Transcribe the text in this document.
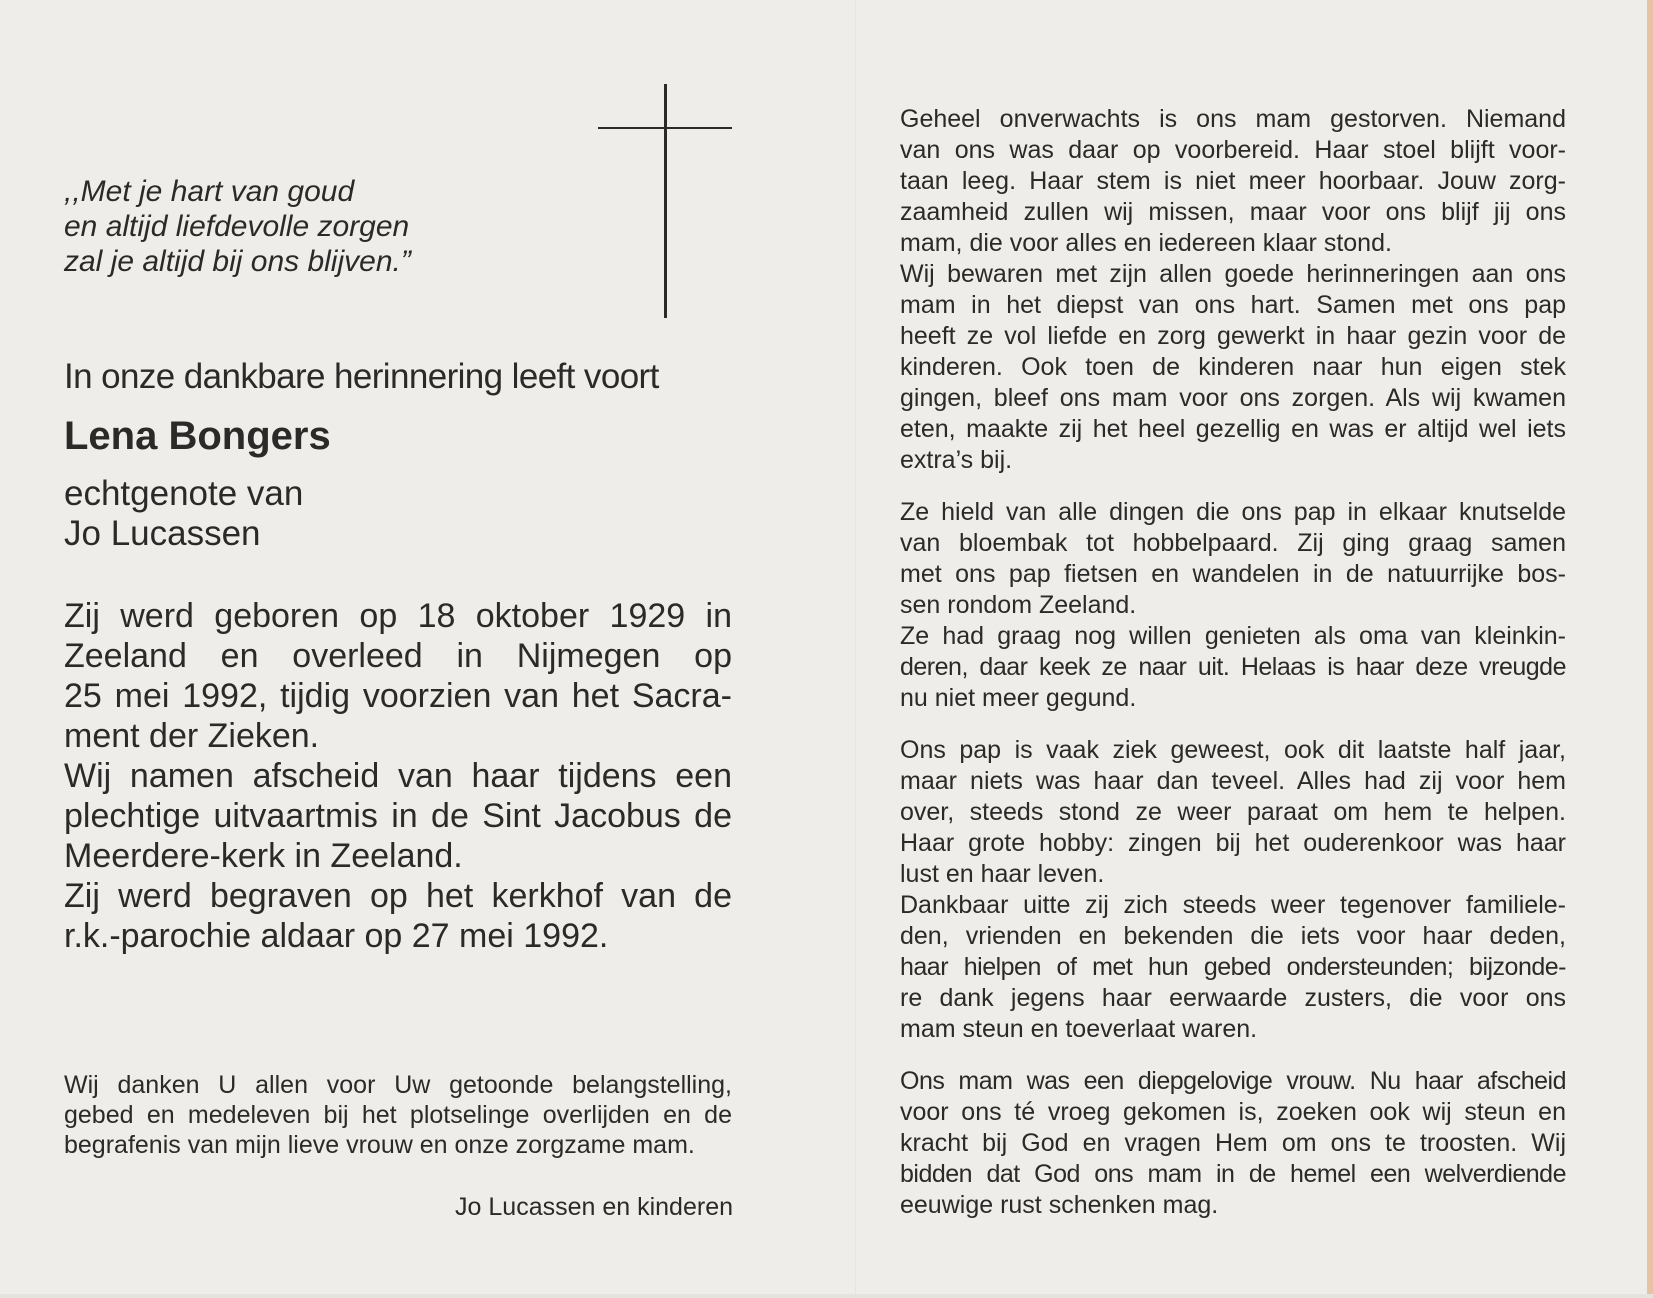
,,Met je hart van goud
en altijd liefdevolle zorgen
zal je altijd bij ons blijven.”
In onze dankbare herinnering leeft voort
Lena Bongers
echtgenote van
Jo Lucassen
Zij werd geboren op 18 oktober 1929 in
Zeeland en overleed in Nijmegen op
25 mei 1992, tijdig voorzien van het Sacra-
ment der Zieken.
Wij namen afscheid van haar tijdens een
plechtige uitvaartmis in de Sint Jacobus de
Meerdere-kerk in Zeeland.
Zij werd begraven op het kerkhof van de
r.k.-parochie aldaar op 27 mei 1992.
Wij danken U allen voor Uw getoonde belangstelling,
gebed en medeleven bij het plotselinge overlijden en de
begrafenis van mijn lieve vrouw en onze zorgzame mam.
Jo Lucassen en kinderen
Geheel onverwachts is ons mam gestorven. Niemand
van ons was daar op voorbereid. Haar stoel blijft voor-
taan leeg. Haar stem is niet meer hoorbaar. Jouw zorg-
zaamheid zullen wij missen, maar voor ons blijf jij ons
mam, die voor alles en iedereen klaar stond.
Wij bewaren met zijn allen goede herinneringen aan ons
mam in het diepst van ons hart. Samen met ons pap
heeft ze vol liefde en zorg gewerkt in haar gezin voor de
kinderen. Ook toen de kinderen naar hun eigen stek
gingen, bleef ons mam voor ons zorgen. Als wij kwamen
eten, maakte zij het heel gezellig en was er altijd wel iets
extra’s bij.
Ze hield van alle dingen die ons pap in elkaar knutselde
van bloembak tot hobbelpaard. Zij ging graag samen
met ons pap fietsen en wandelen in de natuurrijke bos-
sen rondom Zeeland.
Ze had graag nog willen genieten als oma van kleinkin-
deren, daar keek ze naar uit. Helaas is haar deze vreugde
nu niet meer gegund.
Ons pap is vaak ziek geweest, ook dit laatste half jaar,
maar niets was haar dan teveel. Alles had zij voor hem
over, steeds stond ze weer paraat om hem te helpen.
Haar grote hobby: zingen bij het ouderenkoor was haar
lust en haar leven.
Dankbaar uitte zij zich steeds weer tegenover familiele-
den, vrienden en bekenden die iets voor haar deden,
haar hielpen of met hun gebed ondersteunden; bijzonde-
re dank jegens haar eerwaarde zusters, die voor ons
mam steun en toeverlaat waren.
Ons mam was een diepgelovige vrouw. Nu haar afscheid
voor ons té vroeg gekomen is, zoeken ook wij steun en
kracht bij God en vragen Hem om ons te troosten. Wij
bidden dat God ons mam in de hemel een welverdiende
eeuwige rust schenken mag.
